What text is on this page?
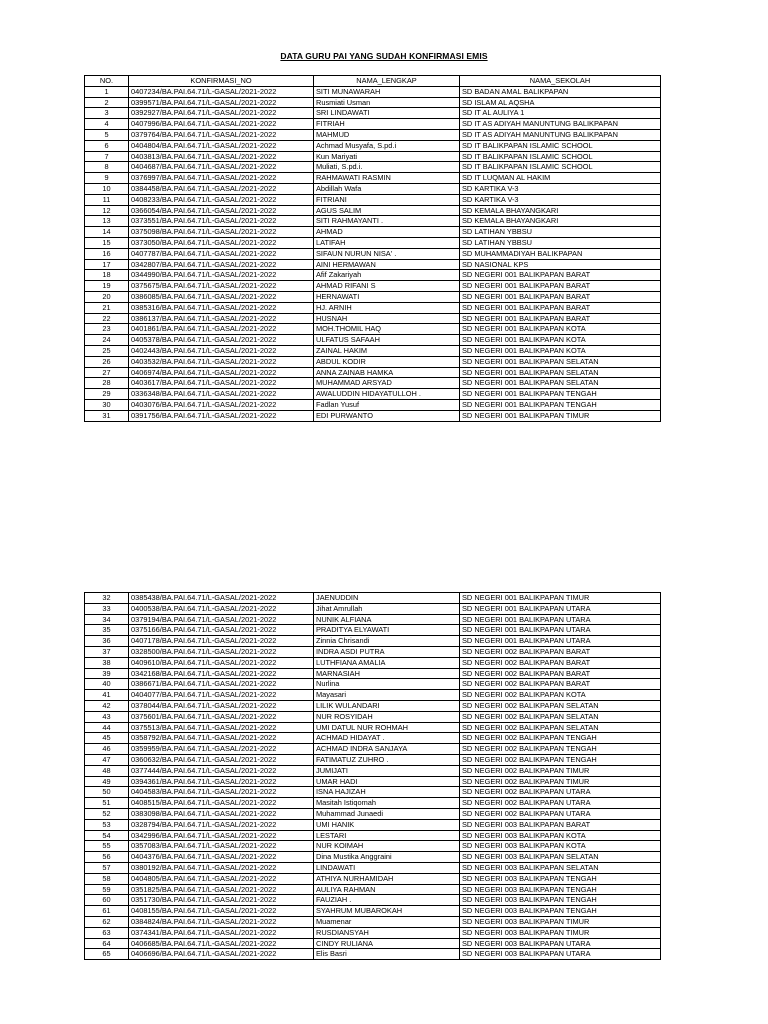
DATA GURU PAI YANG SUDAH KONFIRMASI EMIS
NO.	KONFIRMASI_NO	NAMA_LENGKAP	NAMA_SEKOLAH
1	0407234/BA.PAI.64.71/L-GASAL/2021-2022	SITI MUNAWARAH	SD BADAN AMAL BALIKPAPAN
2	0399571/BA.PAI.64.71/L-GASAL/2021-2022	Rusmiati Usman	SD ISLAM AL AQSHA
3	0392927/BA.PAI.64.71/L-GASAL/2021-2022	SRI LINDAWATI	SD IT AL AULIYA 1
4	0407996/BA.PAI.64.71/L-GASAL/2021-2022	FITRIAH	SD IT AS ADIYAH MANUNTUNG BALIKPAPAN
5	0379764/BA.PAI.64.71/L-GASAL/2021-2022	MAHMUD	SD IT AS ADIYAH MANUNTUNG BALIKPAPAN
6	0404804/BA.PAI.64.71/L-GASAL/2021-2022	Achmad Musyafa, S.pd.i	SD IT BALIKPAPAN ISLAMIC SCHOOL
7	0403813/BA.PAI.64.71/L-GASAL/2021-2022	Kun Mariyati	SD IT BALIKPAPAN ISLAMIC SCHOOL
8	0404687/BA.PAI.64.71/L-GASAL/2021-2022	Muliati, S.pd.i.	SD IT BALIKPAPAN ISLAMIC SCHOOL
9	0376997/BA.PAI.64.71/L-GASAL/2021-2022	RAHMAWATI RASMIN	SD IT LUQMAN AL HAKIM
10	0384458/BA.PAI.64.71/L-GASAL/2021-2022	Abdillah Wafa	SD KARTIKA V-3
11	0408233/BA.PAI.64.71/L-GASAL/2021-2022	FITRIANI	SD KARTIKA V-3
12	0366054/BA.PAI.64.71/L-GASAL/2021-2022	AGUS SALIM	SD KEMALA BHAYANGKARI
13	0373551/BA.PAI.64.71/L-GASAL/2021-2022	SITI RAHMAYANTI .	SD KEMALA BHAYANGKARI
14	0375098/BA.PAI.64.71/L-GASAL/2021-2022	AHMAD	SD LATIHAN YBBSU
15	0373050/BA.PAI.64.71/L-GASAL/2021-2022	LATIFAH	SD LATIHAN YBBSU
16	0407787/BA.PAI.64.71/L-GASAL/2021-2022	SIFAUN NURUN NISA' .	SD MUHAMMADIYAH BALIKPAPAN
17	0342807/BA.PAI.64.71/L-GASAL/2021-2022	AINI HERMAWAN	SD NASIONAL KPS
18	0344990/BA.PAI.64.71/L-GASAL/2021-2022	Afif Zakariyah	SD NEGERI 001 BALIKPAPAN BARAT
19	0375675/BA.PAI.64.71/L-GASAL/2021-2022	AHMAD RIFANI S	SD NEGERI 001 BALIKPAPAN BARAT
20	0386085/BA.PAI.64.71/L-GASAL/2021-2022	HERNAWATI	SD NEGERI 001 BALIKPAPAN BARAT
21	0385316/BA.PAI.64.71/L-GASAL/2021-2022	HJ. ARNIH	SD NEGERI 001 BALIKPAPAN BARAT
22	0386137/BA.PAI.64.71/L-GASAL/2021-2022	HUSNAH	SD NEGERI 001 BALIKPAPAN BARAT
23	0401861/BA.PAI.64.71/L-GASAL/2021-2022	MOH.THOMIL HAQ	SD NEGERI 001 BALIKPAPAN KOTA
24	0405378/BA.PAI.64.71/L-GASAL/2021-2022	ULFATUS SAFAAH	SD NEGERI 001 BALIKPAPAN KOTA
25	0402443/BA.PAI.64.71/L-GASAL/2021-2022	ZAINAL HAKIM	SD NEGERI 001 BALIKPAPAN KOTA
26	0403532/BA.PAI.64.71/L-GASAL/2021-2022	ABDUL KODIR	SD NEGERI 001 BALIKPAPAN SELATAN
27	0406974/BA.PAI.64.71/L-GASAL/2021-2022	ANNA ZAINAB HAMKA	SD NEGERI 001 BALIKPAPAN SELATAN
28	0403617/BA.PAI.64.71/L-GASAL/2021-2022	MUHAMMAD ARSYAD	SD NEGERI 001 BALIKPAPAN SELATAN
29	0336348/BA.PAI.64.71/L-GASAL/2021-2022	AWALUDDIN HIDAYATULLOH .	SD NEGERI 001 BALIKPAPAN TENGAH
30	0403076/BA.PAI.64.71/L-GASAL/2021-2022	Fadlan Yusuf	SD NEGERI 001 BALIKPAPAN TENGAH
31	0391756/BA.PAI.64.71/L-GASAL/2021-2022	EDI PURWANTO	SD NEGERI 001 BALIKPAPAN TIMUR
32	0385438/BA.PAI.64.71/L-GASAL/2021-2022	JAENUDDIN	SD NEGERI 001 BALIKPAPAN TIMUR
33	0400538/BA.PAI.64.71/L-GASAL/2021-2022	Jihat Amrullah	SD NEGERI 001 BALIKPAPAN UTARA
34	0379194/BA.PAI.64.71/L-GASAL/2021-2022	NUNIK ALFIANA	SD NEGERI 001 BALIKPAPAN UTARA
35	0375166/BA.PAI.64.71/L-GASAL/2021-2022	PRADITYA ELYAWATI	SD NEGERI 001 BALIKPAPAN UTARA
36	0407178/BA.PAI.64.71/L-GASAL/2021-2022	Zinnia Chrisandi	SD NEGERI 001 BALIKPAPAN UTARA
37	0328500/BA.PAI.64.71/L-GASAL/2021-2022	INDRA ASDI PUTRA	SD NEGERI 002 BALIKPAPAN BARAT
38	0409610/BA.PAI.64.71/L-GASAL/2021-2022	LUTHFIANA AMALIA	SD NEGERI 002 BALIKPAPAN BARAT
39	0342168/BA.PAI.64.71/L-GASAL/2021-2022	MARNASIAH	SD NEGERI 002 BALIKPAPAN BARAT
40	0386671/BA.PAI.64.71/L-GASAL/2021-2022	Nurlina	SD NEGERI 002 BALIKPAPAN BARAT
41	0404077/BA.PAI.64.71/L-GASAL/2021-2022	Mayasari	SD NEGERI 002 BALIKPAPAN KOTA
42	0378044/BA.PAI.64.71/L-GASAL/2021-2022	LILIK WULANDARI	SD NEGERI 002 BALIKPAPAN SELATAN
43	0375601/BA.PAI.64.71/L-GASAL/2021-2022	NUR ROSYIDAH	SD NEGERI 002 BALIKPAPAN SELATAN
44	0375513/BA.PAI.64.71/L-GASAL/2021-2022	UMI DATUL NUR ROHMAH	SD NEGERI 002 BALIKPAPAN SELATAN
45	0358792/BA.PAI.64.71/L-GASAL/2021-2022	ACHMAD HIDAYAT .	SD NEGERI 002 BALIKPAPAN TENGAH
46	0359959/BA.PAI.64.71/L-GASAL/2021-2022	ACHMAD INDRA SANJAYA	SD NEGERI 002 BALIKPAPAN TENGAH
47	0360632/BA.PAI.64.71/L-GASAL/2021-2022	FATIMATUZ ZUHRO .	SD NEGERI 002 BALIKPAPAN TENGAH
48	0377444/BA.PAI.64.71/L-GASAL/2021-2022	JUMIJATI	SD NEGERI 002 BALIKPAPAN TIMUR
49	0394361/BA.PAI.64.71/L-GASAL/2021-2022	UMAR HADI	SD NEGERI 002 BALIKPAPAN TIMUR
50	0404583/BA.PAI.64.71/L-GASAL/2021-2022	ISNA HAJIZAH	SD NEGERI 002 BALIKPAPAN UTARA
51	0408515/BA.PAI.64.71/L-GASAL/2021-2022	Masitah Istiqomah	SD NEGERI 002 BALIKPAPAN UTARA
52	0383098/BA.PAI.64.71/L-GASAL/2021-2022	Muhammad Junaedi	SD NEGERI 002 BALIKPAPAN UTARA
53	0328794/BA.PAI.64.71/L-GASAL/2021-2022	UMI HANIK	SD NEGERI 003 BALIKPAPAN BARAT
54	0342996/BA.PAI.64.71/L-GASAL/2021-2022	LESTARI	SD NEGERI 003 BALIKPAPAN KOTA
55	0357083/BA.PAI.64.71/L-GASAL/2021-2022	NUR KOIMAH	SD NEGERI 003 BALIKPAPAN KOTA
56	0404376/BA.PAI.64.71/L-GASAL/2021-2022	Dina Mustika Anggraini	SD NEGERI 003 BALIKPAPAN SELATAN
57	0380192/BA.PAI.64.71/L-GASAL/2021-2022	LINDAWATI	SD NEGERI 003 BALIKPAPAN SELATAN
58	0404805/BA.PAI.64.71/L-GASAL/2021-2022	ATHIYA NURHAMIDAH	SD NEGERI 003 BALIKPAPAN TENGAH
59	0351825/BA.PAI.64.71/L-GASAL/2021-2022	AULIYA RAHMAN	SD NEGERI 003 BALIKPAPAN TENGAH
60	0351730/BA.PAI.64.71/L-GASAL/2021-2022	FAUZIAH .	SD NEGERI 003 BALIKPAPAN TENGAH
61	0408155/BA.PAI.64.71/L-GASAL/2021-2022	SYAHRUM MUBAROKAH	SD NEGERI 003 BALIKPAPAN TENGAH
62	0384824/BA.PAI.64.71/L-GASAL/2021-2022	Muamenar	SD NEGERI 003 BALIKPAPAN TIMUR
63	0374341/BA.PAI.64.71/L-GASAL/2021-2022	RUSDIANSYAH	SD NEGERI 003 BALIKPAPAN TIMUR
64	0406685/BA.PAI.64.71/L-GASAL/2021-2022	CINDY RULIANA	SD NEGERI 003 BALIKPAPAN UTARA
65	0406696/BA.PAI.64.71/L-GASAL/2021-2022	Elis Basri	SD NEGERI 003 BALIKPAPAN UTARA
